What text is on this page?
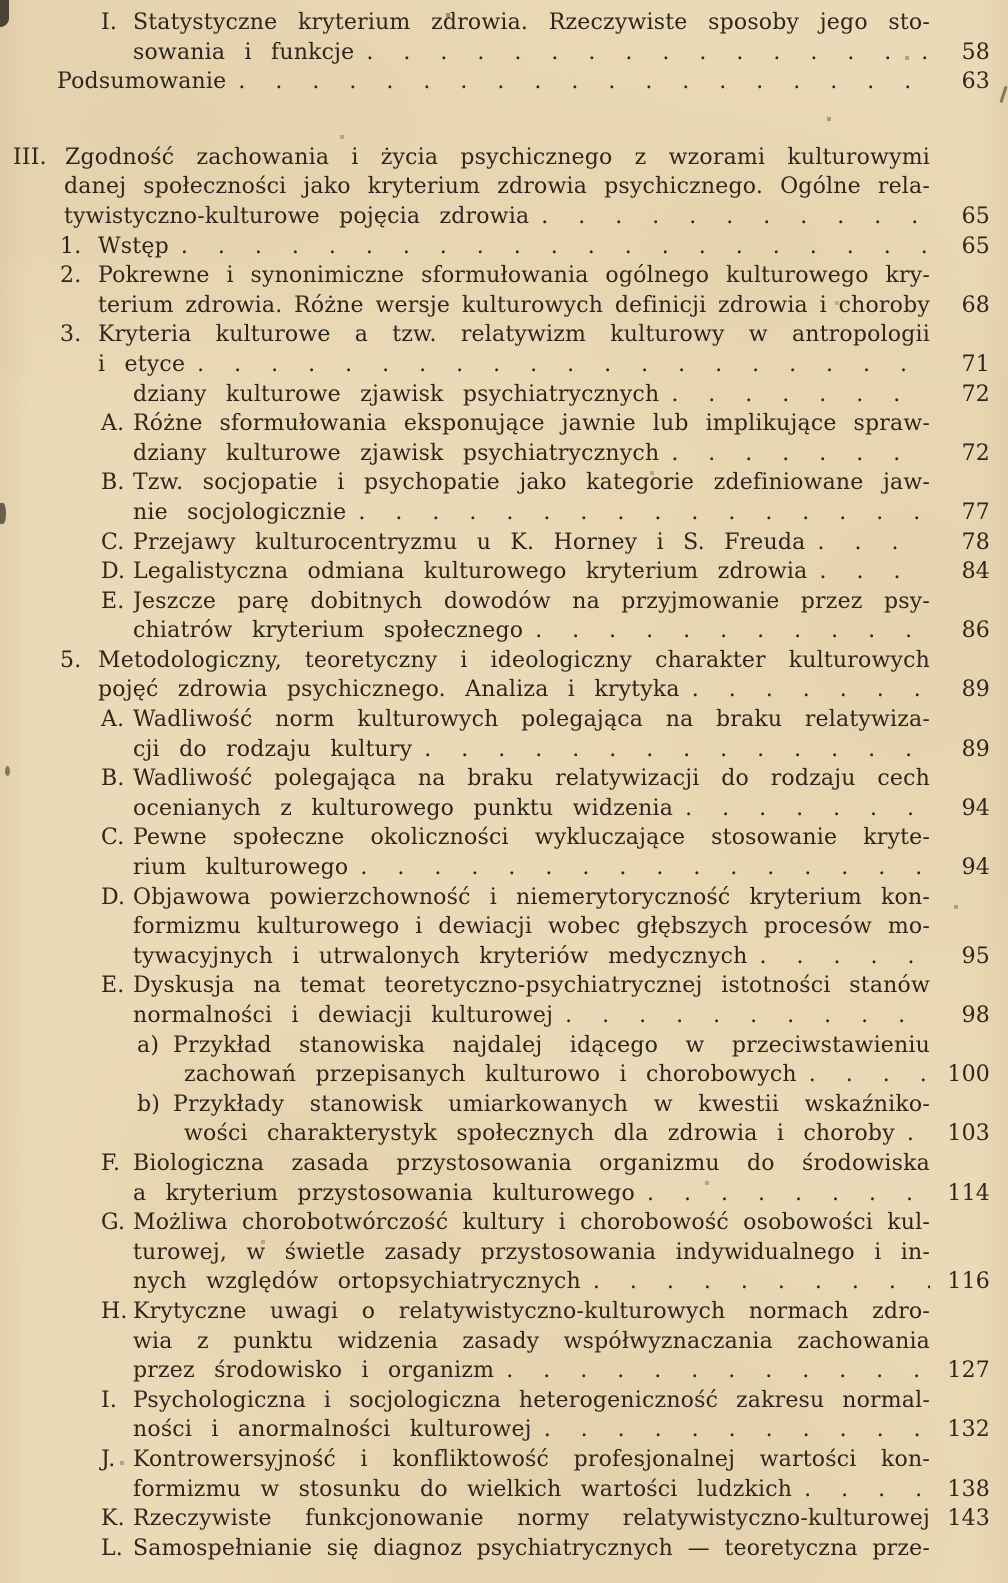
I. Statystyczne kryterium zdrowia. Rzeczywiste sposoby jego sto-
sowania i funkcje .....	58
Podsumowanie .....	63
III. Zgodność zachowania i życia psychicznego z wzorami kulturowymi
danej społeczności jako kryterium zdrowia psychicznego. Ogólne rela-
tywistyczno-kulturowe pojęcia zdrowia .....	65
1. Wstęp .....	65
2. Pokrewne i synonimiczne sformułowania ogólnego kulturowego kry-
terium zdrowia. Różne wersje kulturowych definicji zdrowia i choroby	68
3. Kryteria kulturowe a tzw. relatywizm kulturowy w antropologii
i etyce .....	71
dziany kulturowe zjawisk psychiatrycznych .....	72
A. Różne sformułowania eksponujące jawnie lub implikujące spraw-
dziany kulturowe zjawisk psychiatrycznych .....	72
B. Tzw. socjopatie i psychopatie jako kategorie zdefiniowane jaw-
nie socjologicznie .....	77
C. Przejawy kulturocentryzmu u K. Horney i S. Freuda .....	78
D. Legalistyczna odmiana kulturowego kryterium zdrowia .....	84
E. Jeszcze parę dobitnych dowodów na przyjmowanie przez psy-
chiatrów kryterium społecznego .....	86
5. Metodologiczny, teoretyczny i ideologiczny charakter kulturowych
pojęć zdrowia psychicznego. Analiza i krytyka .....	89
A. Wadliwość norm kulturowych polegająca na braku relatywiza-
cji do rodzaju kultury .....	89
B. Wadliwość polegająca na braku relatywizacji do rodzaju cech
ocenianych z kulturowego punktu widzenia .....	94
C. Pewne społeczne okoliczności wykluczające stosowanie kryte-
rium kulturowego .....	94
D. Objawowa powierzchowność i niemerytoryczność kryterium kon-
formizmu kulturowego i dewiacji wobec głębszych procesów mo-
tywacyjnych i utrwalonych kryteriów medycznych .....	95
E. Dyskusja na temat teoretyczno-psychiatrycznej istotności stanów
normalności i dewiacji kulturowej .....	98
a) Przykład stanowiska najdalej idącego w przeciwstawieniu
zachowań przepisanych kulturowo i chorobowych .....	100
b) Przykłady stanowisk umiarkowanych w kwestii wskaźniko-
wości charakterystyk społecznych dla zdrowia i choroby .....	103
F. Biologiczna zasada przystosowania organizmu do środowiska
a kryterium przystosowania kulturowego .....	114
G. Możliwa chorobotwórczość kultury i chorobowość osobowości kul-
turowej, w świetle zasady przystosowania indywidualnego i in-
nych względów ortopsychiatrycznych .....	116
H. Krytyczne uwagi o relatywistyczno-kulturowych normach zdro-
wia z punktu widzenia zasady współwyznaczania zachowania
przez środowisko i organizm .....	127
I. Psychologiczna i socjologiczna heterogeniczność zakresu normal-
ności i anormalności kulturowej .....	132
J. Kontrowersyjność i konfliktowość profesjonalnej wartości kon-
formizmu w stosunku do wielkich wartości ludzkich .....	138
K. Rzeczywiste funkcjonowanie normy relatywistyczno-kulturowej 143
L. Samospełnianie się diagnoz psychiatrycznych — teoretyczna prze-
